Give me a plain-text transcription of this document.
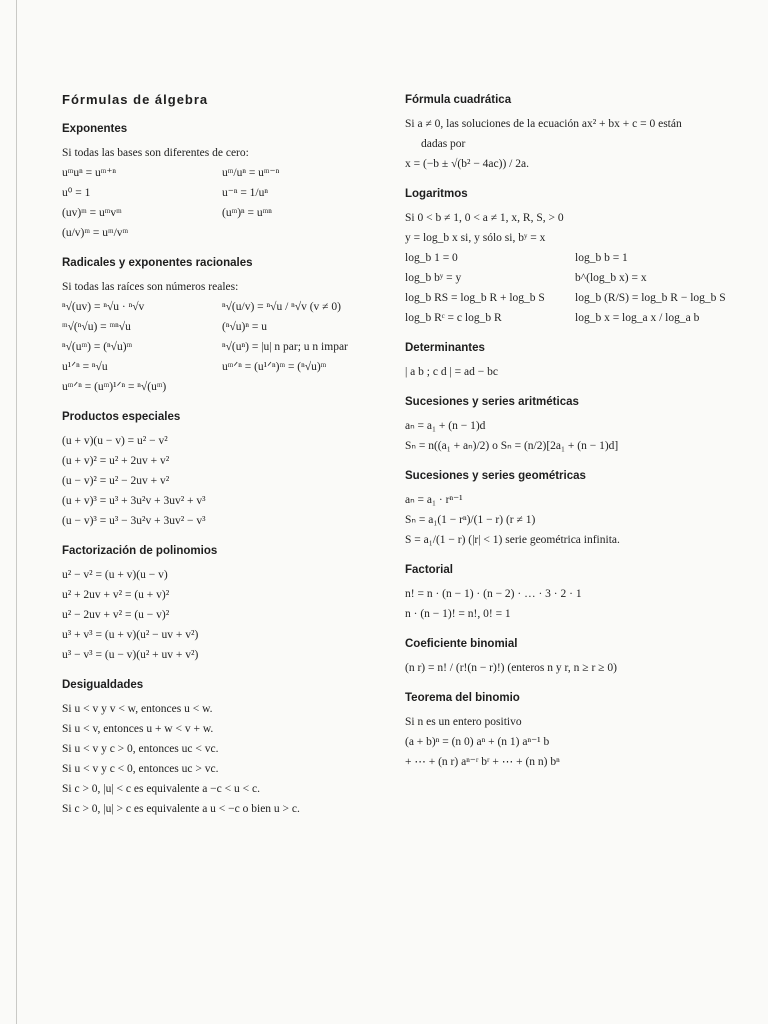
Fórmulas de álgebra
Exponentes
Si todas las bases son diferentes de cero:
uᵐuⁿ = uᵐ⁺ⁿ	uᵐ/uⁿ = uᵐ⁻ⁿ
u⁰ = 1	u⁻ⁿ = 1/uⁿ
(uv)ᵐ = uᵐvᵐ	(uᵐ)ⁿ = uᵐⁿ
(u/v)ᵐ = uᵐ/vᵐ
Radicales y exponentes racionales
Si todas las raíces son números reales:
ⁿ√(uv) = ⁿ√u · ⁿ√v	ⁿ√(u/v) = ⁿ√u / ⁿ√v (v ≠ 0)
ᵐ√(ⁿ√u) = ᵐⁿ√u	(ⁿ√u)ⁿ = u
ⁿ√(uᵐ) = (ⁿ√u)ᵐ	ⁿ√(uⁿ) = |u| n par; u n impar
u¹ᐟⁿ = ⁿ√u	uᵐᐟⁿ = (u¹ᐟⁿ)ᵐ = (ⁿ√u)ᵐ
uᵐᐟⁿ = (uᵐ)¹ᐟⁿ = ⁿ√(uᵐ)
Productos especiales
(u + v)(u − v) = u² − v²
(u + v)² = u² + 2uv + v²
(u − v)² = u² − 2uv + v²
(u + v)³ = u³ + 3u²v + 3uv² + v³
(u − v)³ = u³ − 3u²v + 3uv² − v³
Factorización de polinomios
u² − v² = (u + v)(u − v)
u² + 2uv + v² = (u + v)²
u² − 2uv + v² = (u − v)²
u³ + v³ = (u + v)(u² − uv + v²)
u³ − v³ = (u − v)(u² + uv + v²)
Desigualdades
Si u < v y v < w, entonces u < w.
Si u < v, entonces u + w < v + w.
Si u < v y c > 0, entonces uc < vc.
Si u < v y c < 0, entonces uc > vc.
Si c > 0, |u| < c es equivalente a −c < u < c.
Si c > 0, |u| > c es equivalente a u < −c o bien u > c.
Fórmula cuadrática
Si a ≠ 0, las soluciones de la ecuación ax² + bx + c = 0 están
dadas por
x = (−b ± √(b² − 4ac)) / 2a.
Logaritmos
Si 0 < b ≠ 1, 0 < a ≠ 1, x, R, S, > 0
y = log_b x si, y sólo si, bʸ = x
log_b 1 = 0	log_b b = 1
log_b bʸ = y	b^(log_b x) = x
log_b RS = log_b R + log_b S	log_b (R/S) = log_b R − log_b S
log_b Rᶜ = c log_b R	log_b x = log_a x / log_a b
Determinantes
| a b ; c d | = ad − bc
Sucesiones y series aritméticas
aₙ = a₁ + (n − 1)d
Sₙ = n((a₁ + aₙ)/2) o Sₙ = (n/2)[2a₁ + (n − 1)d]
Sucesiones y series geométricas
aₙ = a₁ · rⁿ⁻¹
Sₙ = a₁(1 − rⁿ)/(1 − r) (r ≠ 1)
S = a₁/(1 − r) (|r| < 1) serie geométrica infinita.
Factorial
n! = n · (n − 1) · (n − 2) · … · 3 · 2 · 1
n · (n − 1)! = n!, 0! = 1
Coeficiente binomial
(n r) = n! / (r!(n − r)!) (enteros n y r, n ≥ r ≥ 0)
Teorema del binomio
Si n es un entero positivo
(a + b)ⁿ = (n 0) aⁿ + (n 1) aⁿ⁻¹ b
+ ⋯ + (n r) aⁿ⁻ʳ bʳ + ⋯ + (n n) bⁿ
